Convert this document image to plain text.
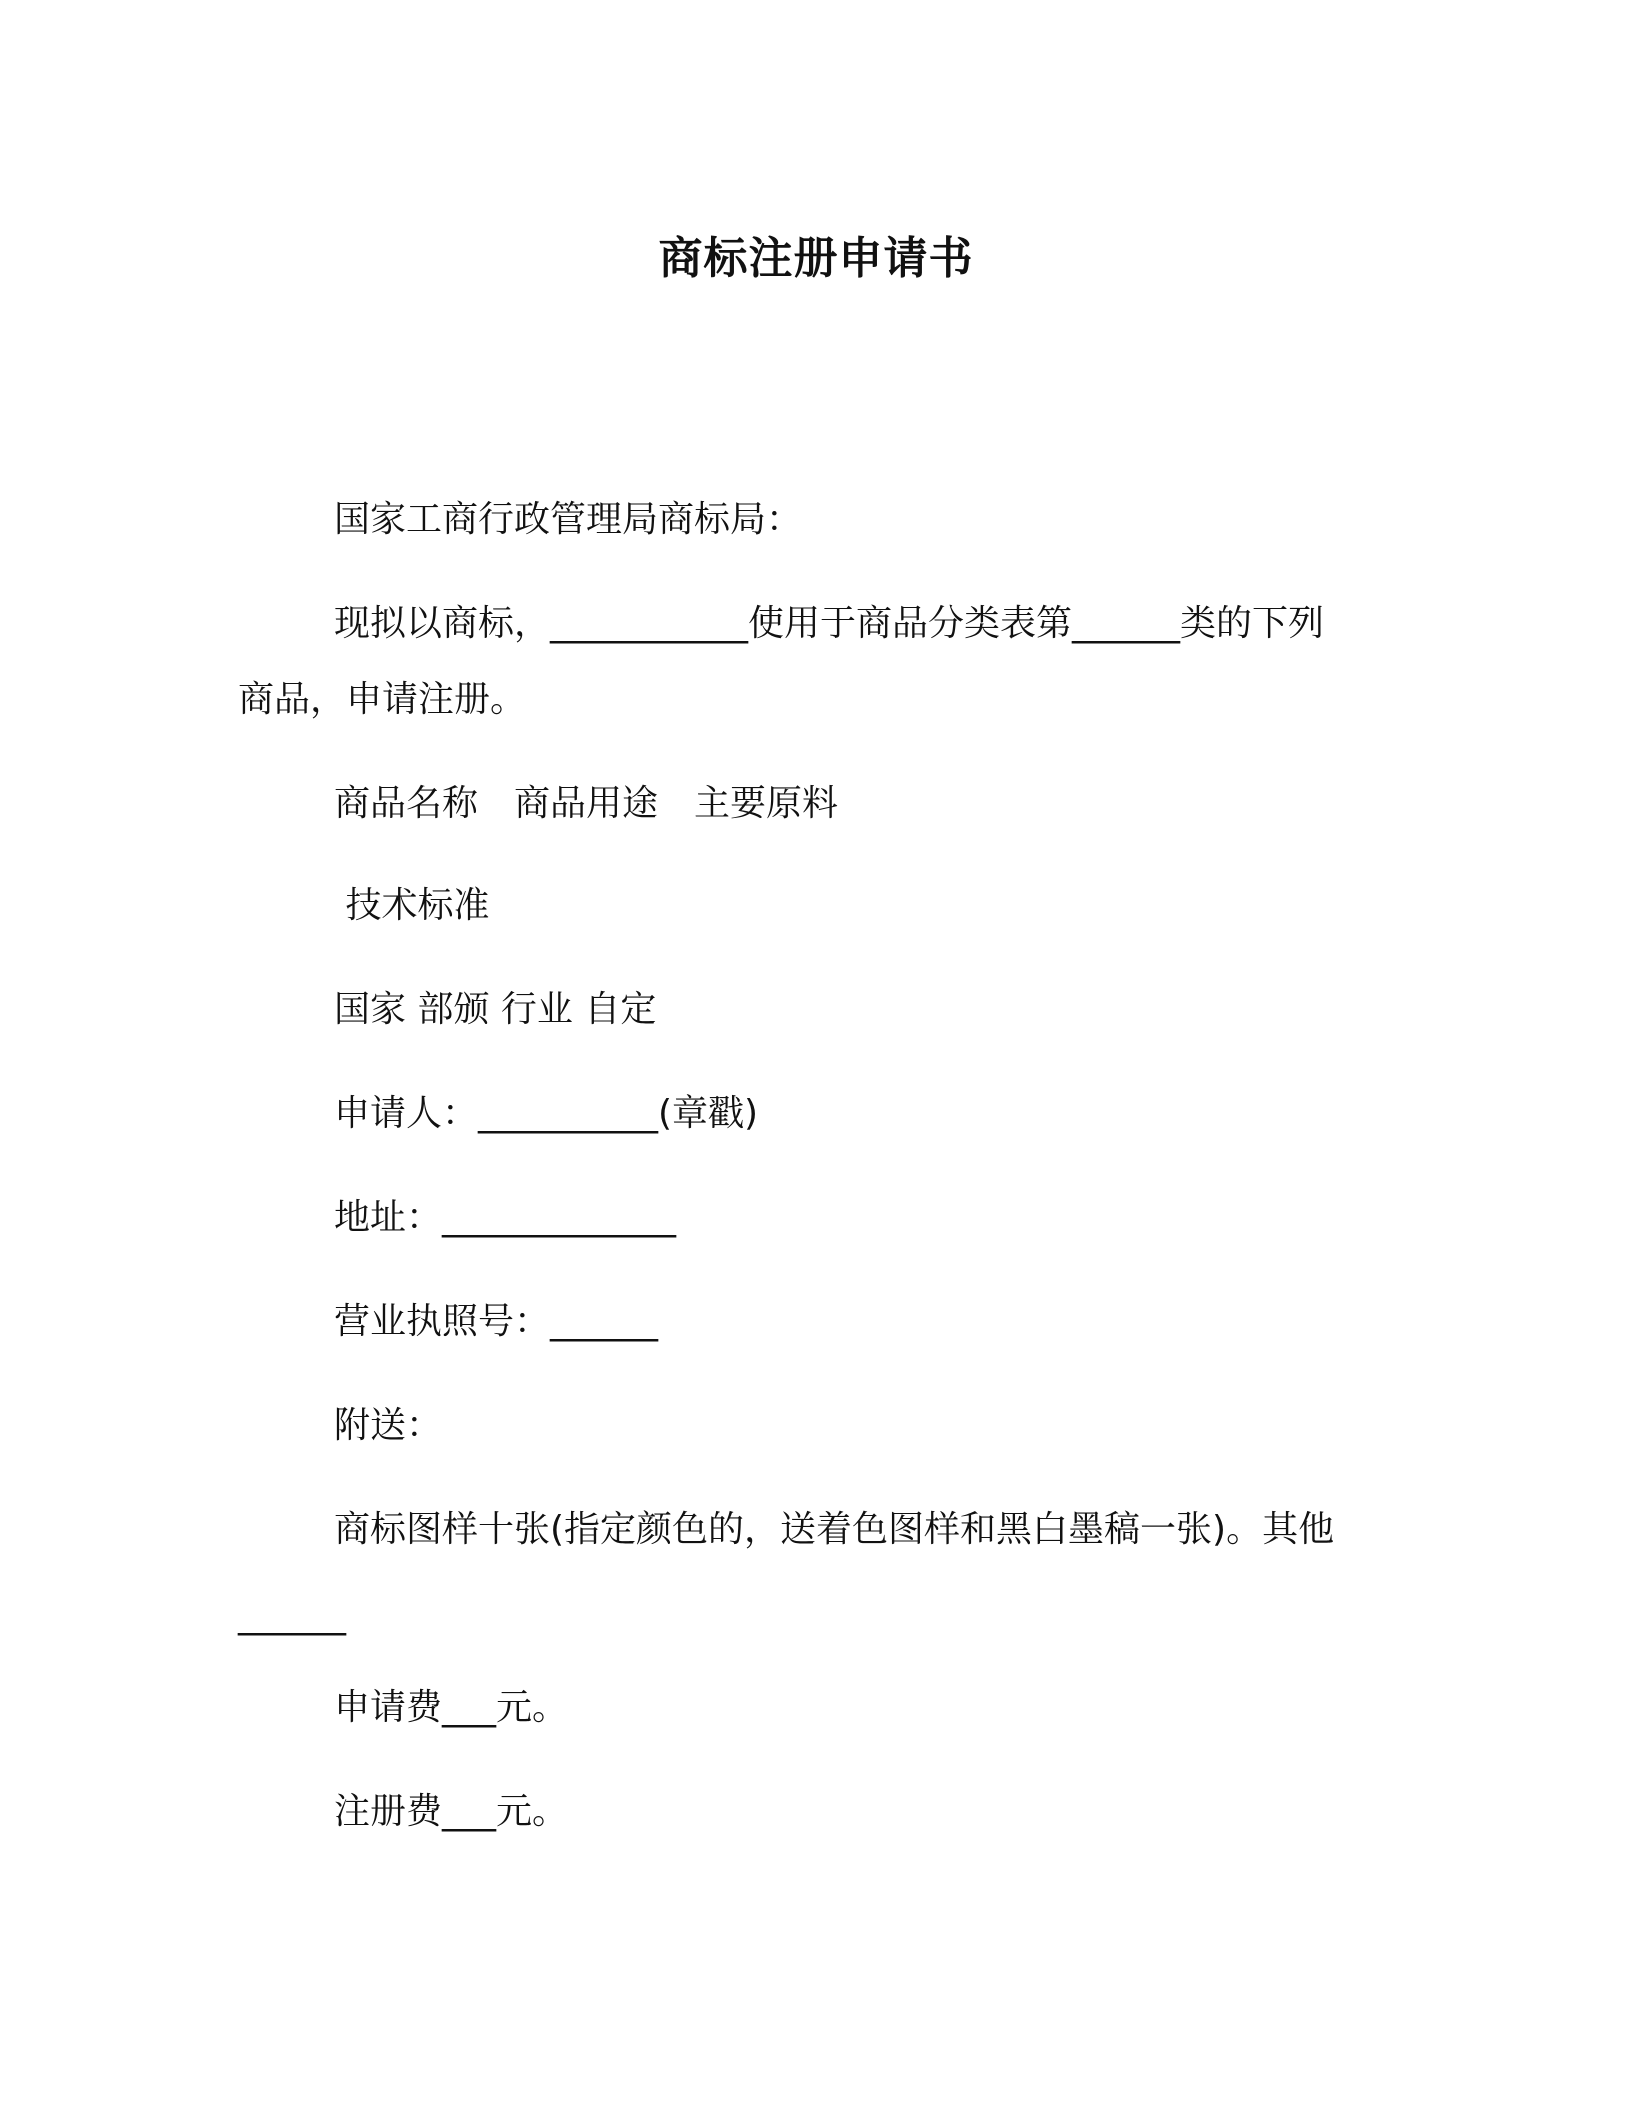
商标注册申请书
国家工商行政管理局商标局：
现拟以商标，___________使用于商品分类表第______类的下列
商品，申请注册。
商品名称　商品用途　主要原料
技术标准
国家 部颁 行业 自定
申请人：__________(章戳)
地址：_____________
营业执照号：______
附送：
商标图样十张(指定颜色的，送着色图样和黑白墨稿一张)。其他
______
申请费___元。
注册费___元。
